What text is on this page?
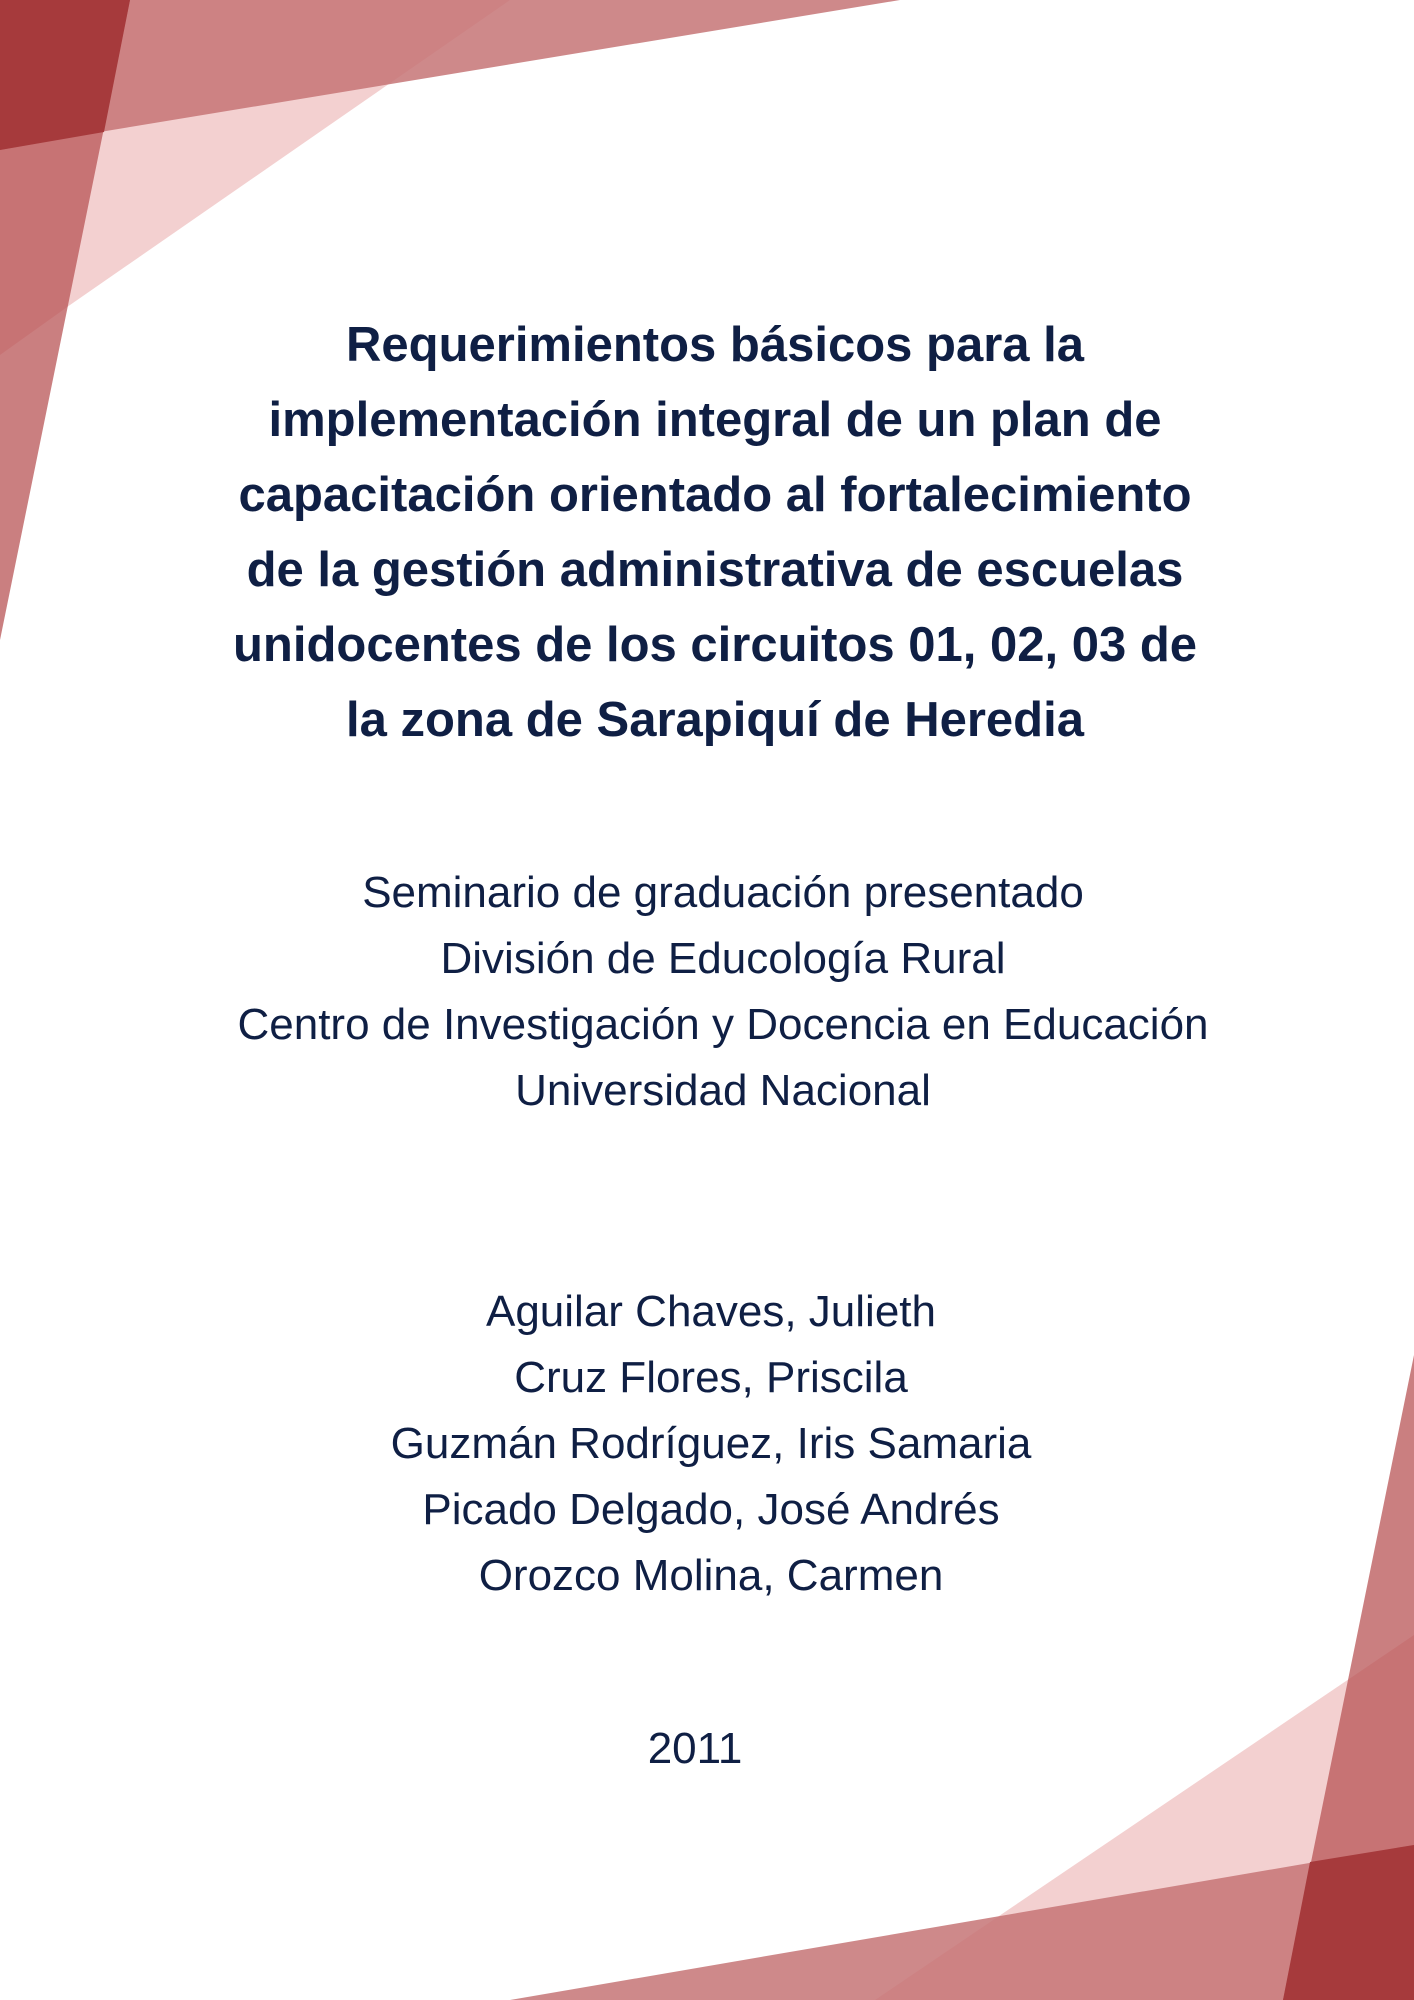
Requerimientos básicos para la
implementación integral de un plan de
capacitación orientado al fortalecimiento
de la gestión administrativa de escuelas
unidocentes de los circuitos 01, 02, 03 de
la zona de Sarapiquí de Heredia
Seminario de graduación presentado
División de Educología Rural
Centro de Investigación y Docencia en Educación
Universidad Nacional
Aguilar Chaves, Julieth
Cruz Flores, Priscila
Guzmán Rodríguez, Iris Samaria
Picado Delgado, José Andrés
Orozco Molina, Carmen
2011
